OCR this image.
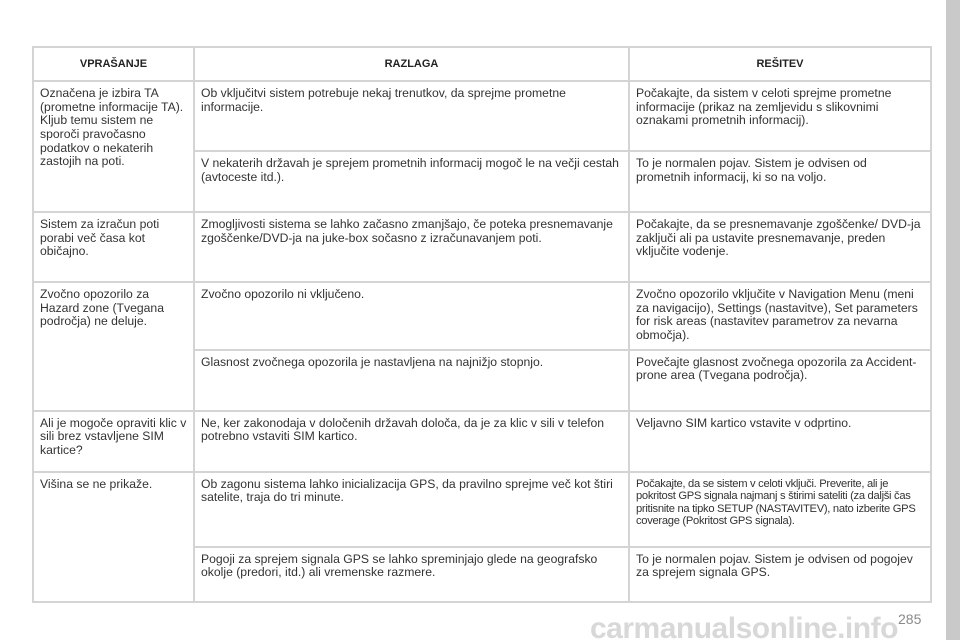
VPRAŠANJE	RAZLAGA	REŠITEV
Označena je izbira TA (prometne informacije TA). Kljub temu sistem ne sporoči pravočasno podatkov o nekaterih zastojih na poti.	Ob vključitvi sistem potrebuje nekaj trenutkov, da sprejme prometne informacije.	Počakajte, da sistem v celoti sprejme prometne informacije (prikaz na zemljevidu s slikovnimi oznakami prometnih informacij).
	V nekaterih državah je sprejem prometnih informacij mogoč le na večji cestah (avtoceste itd.).	To je normalen pojav. Sistem je odvisen od prometnih informacij, ki so na voljo.
Sistem za izračun poti porabi več časa kot običajno.	Zmogljivosti sistema se lahko začasno zmanjšajo, če poteka presnemavanje zgoščenke/DVD-ja na juke-box sočasno z izračunavanjem poti.	Počakajte, da se presnemavanje zgoščenke/ DVD-ja zaključi ali pa ustavite presnemavanje, preden vključite vodenje.
Zvočno opozorilo za Hazard zone (Tvegana področja) ne deluje.	Zvočno opozorilo ni vključeno.	Zvočno opozorilo vključite v Navigation Menu (meni za navigacijo), Settings (nastavitve), Set parameters for risk areas (nastavitev parametrov za nevarna območja).
	Glasnost zvočnega opozorila je nastavljena na najnižjo stopnjo.	Povečajte glasnost zvočnega opozorila za Accident-prone area (Tvegana področja).
Ali je mogoče opraviti klic v sili brez vstavljene SIM kartice?	Ne, ker zakonodaja v določenih državah določa, da je za klic v sili v telefon potrebno vstaviti SIM kartico.	Veljavno SIM kartico vstavite v odprtino.
Višina se ne prikaže.	Ob zagonu sistema lahko inicializacija GPS, da pravilno sprejme več kot štiri satelite, traja do tri minute.	Počakajte, da se sistem v celoti vključi. Preverite, ali je pokritost GPS signala najmanj s štirimi sateliti (za daljši čas pritisnite na tipko SETUP (NASTAVITEV), nato izberite GPS coverage (Pokritost GPS signala).
	Pogoji za sprejem signala GPS se lahko spreminjajo glede na geografsko okolje (predori, itd.) ali vremenske razmere.	To je normalen pojav. Sistem je odvisen od pogojev za sprejem signala GPS.
carmanualsonline.info 285
